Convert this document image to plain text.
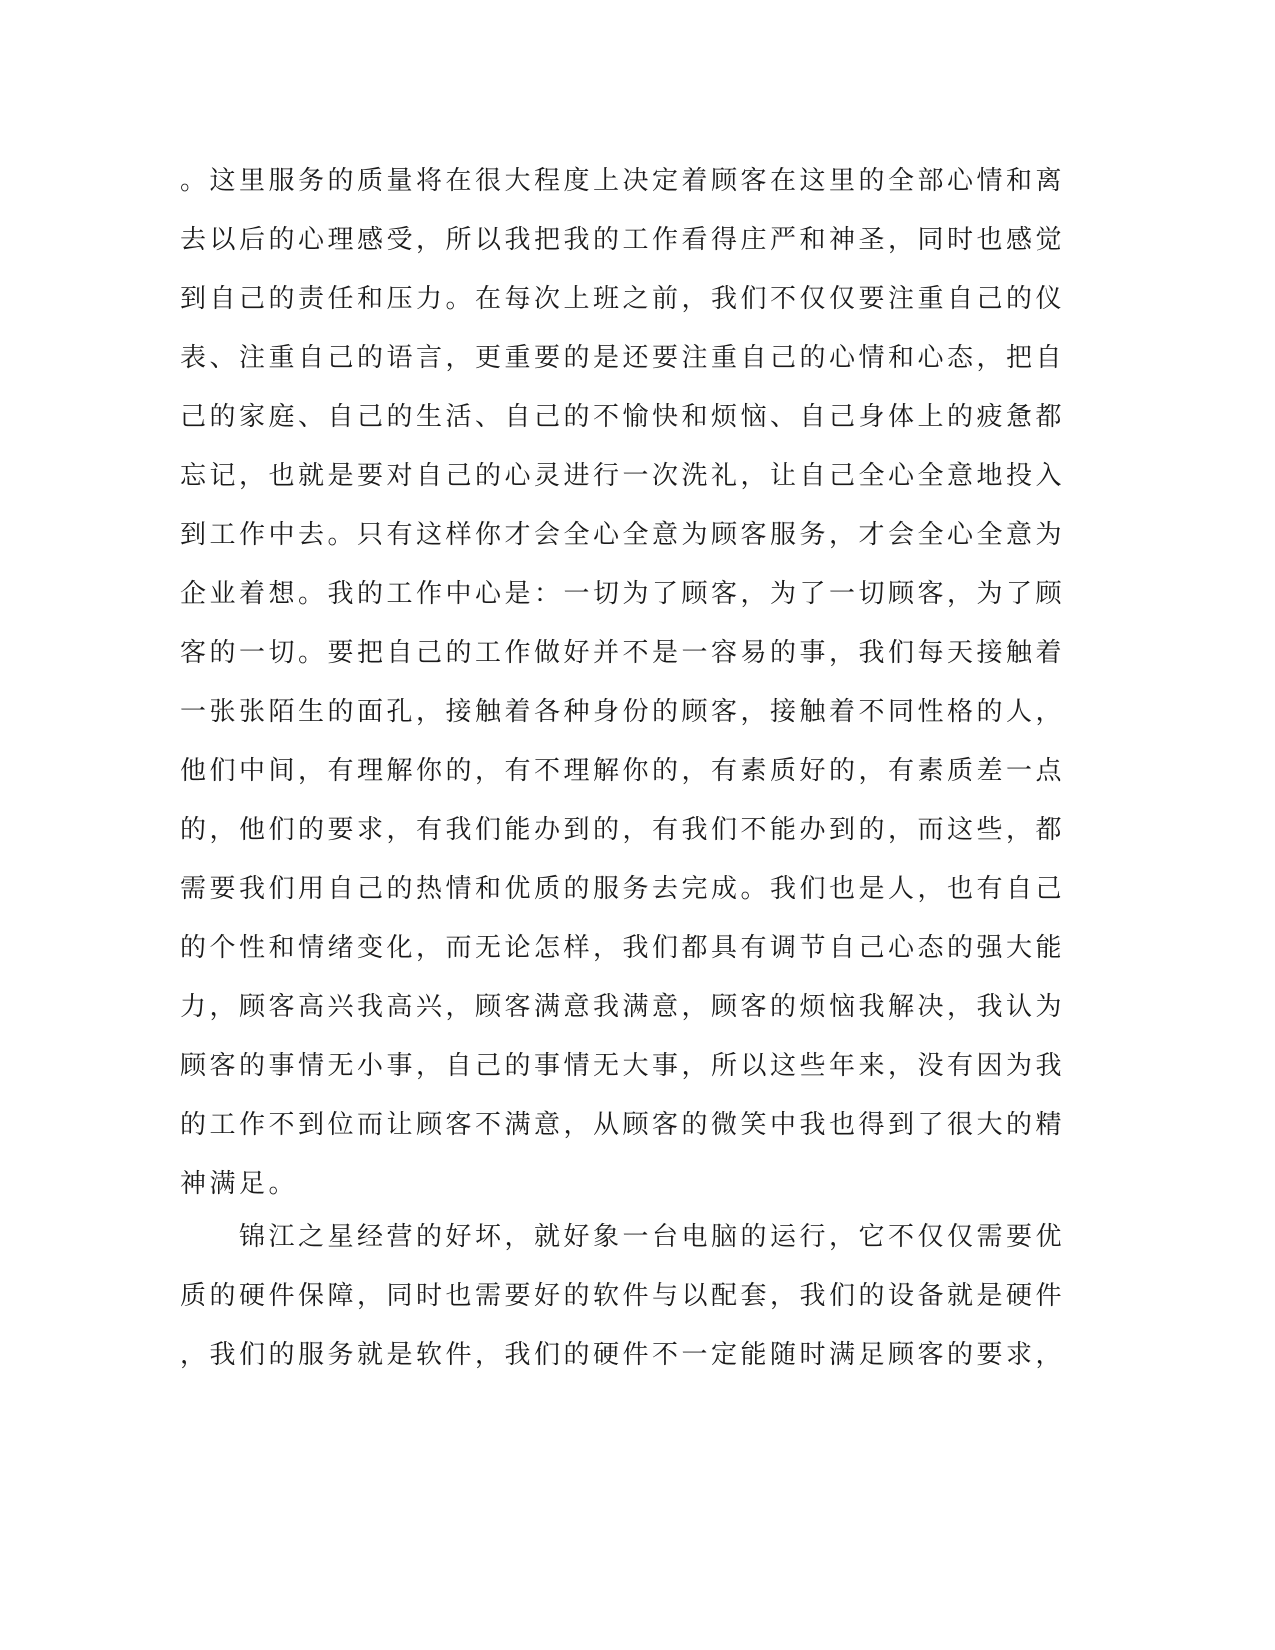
。这里服务的质量将在很大程度上决定着顾客在这里的全部心情和离
去以后的心理感受，所以我把我的工作看得庄严和神圣，同时也感觉
到自己的责任和压力。在每次上班之前，我们不仅仅要注重自己的仪
表、注重自己的语言，更重要的是还要注重自己的心情和心态，把自
己的家庭、自己的生活、自己的不愉快和烦恼、自己身体上的疲惫都
忘记，也就是要对自己的心灵进行一次洗礼，让自己全心全意地投入
到工作中去。只有这样你才会全心全意为顾客服务，才会全心全意为
企业着想。我的工作中心是：一切为了顾客，为了一切顾客，为了顾
客的一切。要把自己的工作做好并不是一容易的事，我们每天接触着
一张张陌生的面孔，接触着各种身份的顾客，接触着不同性格的人，
他们中间，有理解你的，有不理解你的，有素质好的，有素质差一点
的，他们的要求，有我们能办到的，有我们不能办到的，而这些，都
需要我们用自己的热情和优质的服务去完成。我们也是人，也有自己
的个性和情绪变化，而无论怎样，我们都具有调节自己心态的强大能
力，顾客高兴我高兴，顾客满意我满意，顾客的烦恼我解决，我认为
顾客的事情无小事，自己的事情无大事，所以这些年来，没有因为我
的工作不到位而让顾客不满意，从顾客的微笑中我也得到了很大的精
神满足。
　　锦江之星经营的好坏，就好象一台电脑的运行，它不仅仅需要优
质的硬件保障，同时也需要好的软件与以配套，我们的设备就是硬件
，我们的服务就是软件，我们的硬件不一定能随时满足顾客的要求，
